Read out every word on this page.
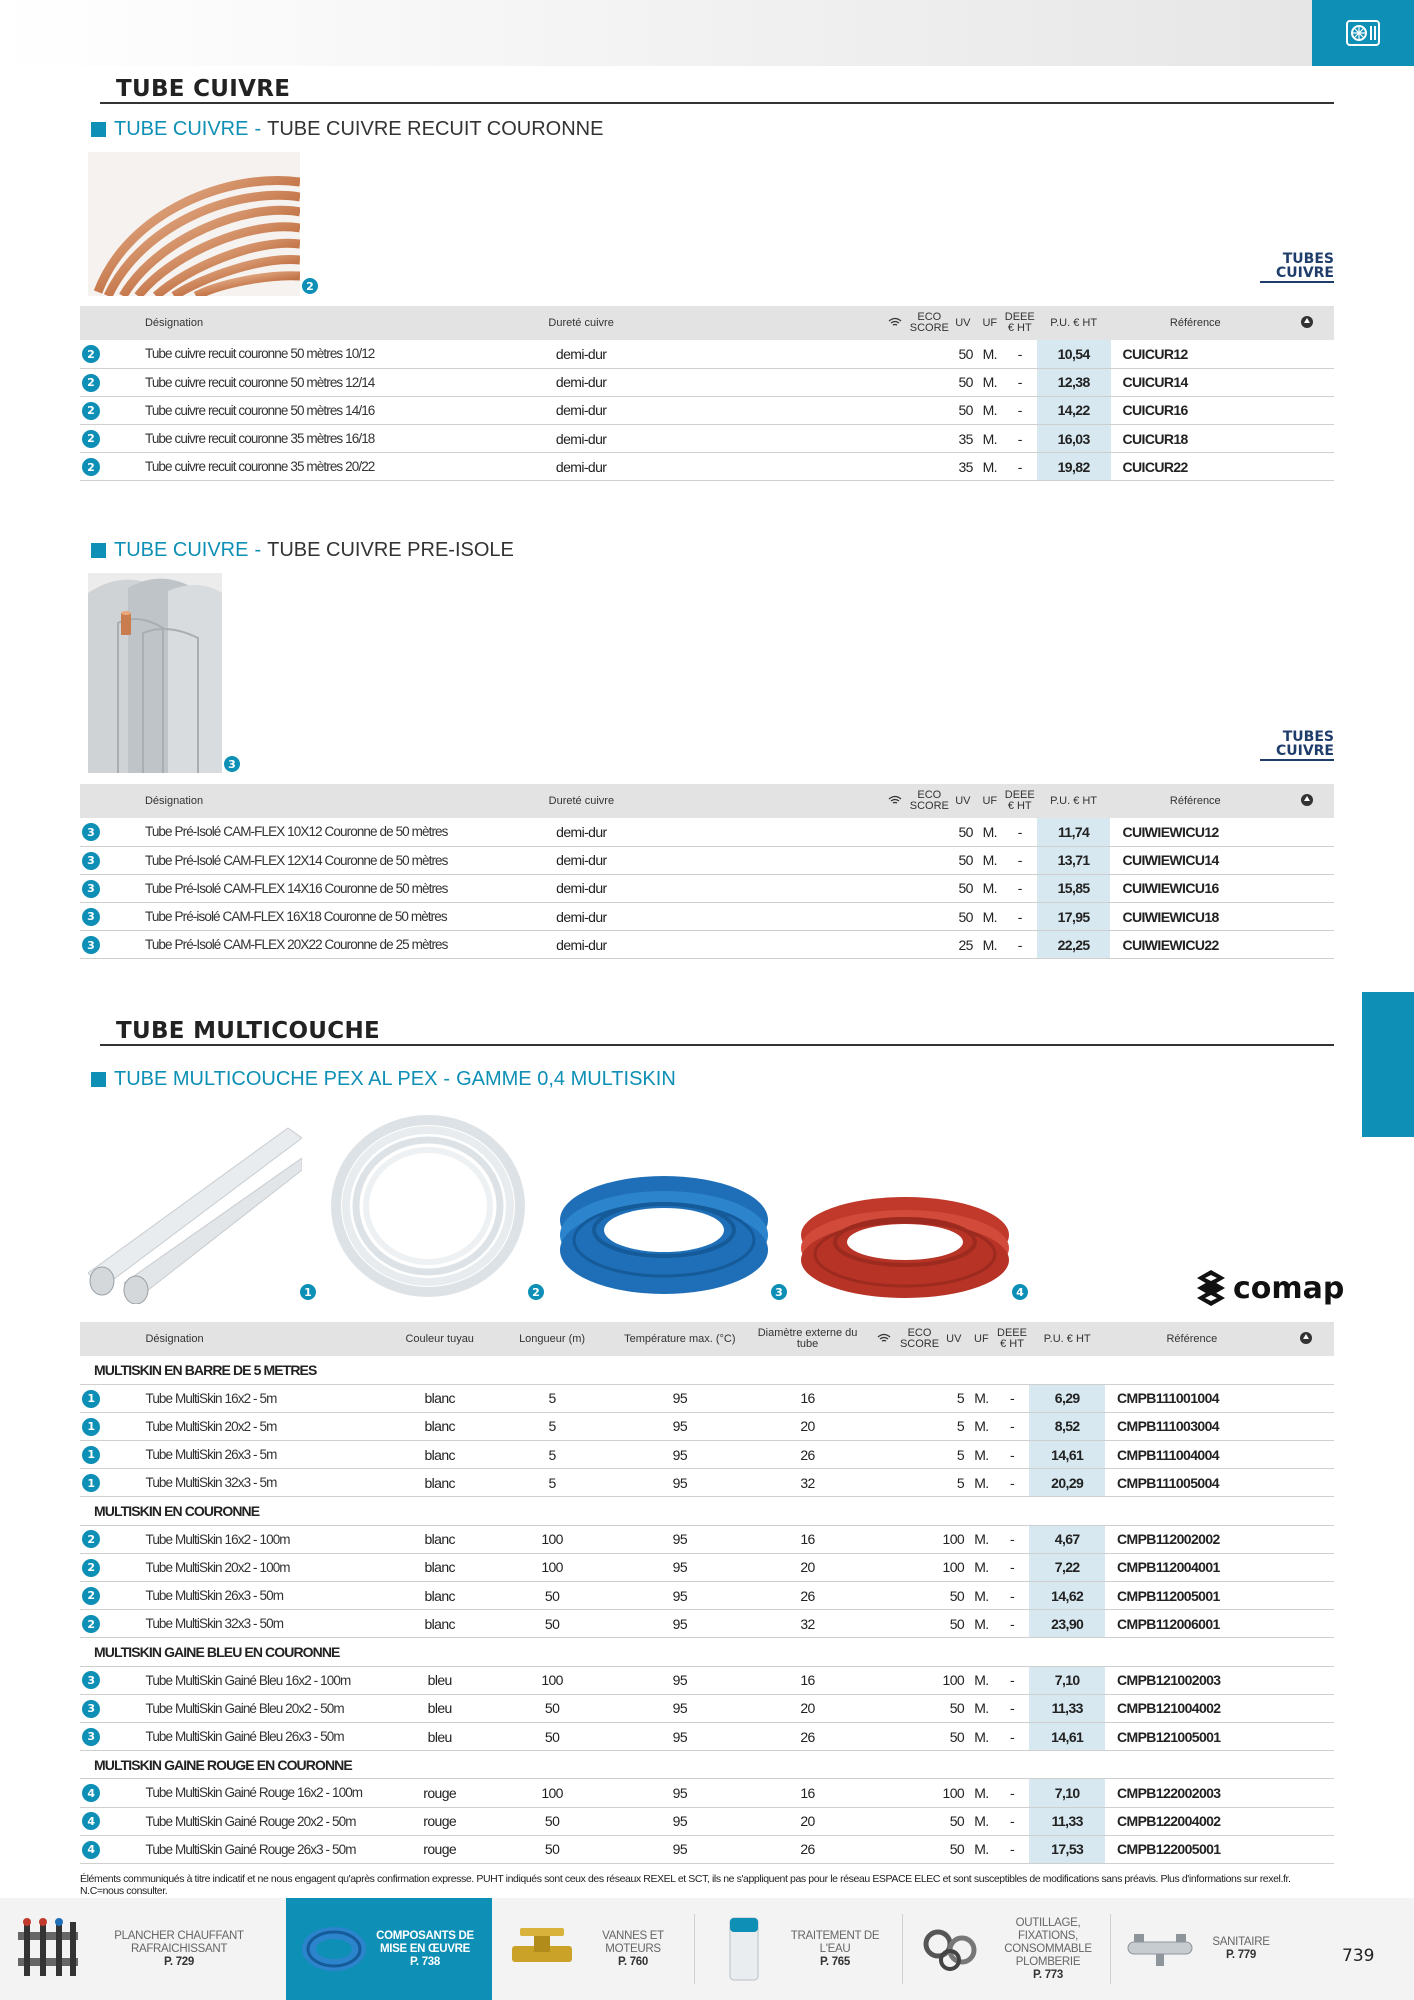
TUBE CUIVRE
TUBE CUIVRE - TUBE CUIVRE RECUIT COURONNE
2
TUBES
CUIVRE
	Désignation	Dureté cuivre			ECO SCORE	UV	UF	DEEE € HT	P.U. € HT	Référence	
2	Tube cuivre recuit couronne 50 mètres 10/12	demi-dur				50	M.	-	10,54	CUICUR12	
2	Tube cuivre recuit couronne 50 mètres 12/14	demi-dur				50	M.	-	12,38	CUICUR14	
2	Tube cuivre recuit couronne 50 mètres 14/16	demi-dur				50	M.	-	14,22	CUICUR16	
2	Tube cuivre recuit couronne 35 mètres 16/18	demi-dur				35	M.	-	16,03	CUICUR18	
2	Tube cuivre recuit couronne 35 mètres 20/22	demi-dur				35	M.	-	19,82	CUICUR22	
TUBE CUIVRE - TUBE CUIVRE PRE-ISOLE
3
TUBES
CUIVRE
	Désignation	Dureté cuivre			ECO SCORE	UV	UF	DEEE € HT	P.U. € HT	Référence	
3	Tube Pré-Isolé CAM-FLEX 10X12 Couronne de 50 mètres	demi-dur				50	M.	-	11,74	CUIWIEWICU12	
3	Tube Pré-Isolé CAM-FLEX 12X14 Couronne de 50 mètres	demi-dur				50	M.	-	13,71	CUIWIEWICU14	
3	Tube Pré-Isolé CAM-FLEX 14X16 Couronne de 50 mètres	demi-dur				50	M.	-	15,85	CUIWIEWICU16	
3	Tube Pré-isolé CAM-FLEX 16X18 Couronne de 50 mètres	demi-dur				50	M.	-	17,95	CUIWIEWICU18	
3	Tube Pré-Isolé CAM-FLEX 20X22 Couronne de 25 mètres	demi-dur				25	M.	-	22,25	CUIWIEWICU22	
TUBE MULTICOUCHE
TUBE MULTICOUCHE PEX AL PEX - GAMME 0,4 MULTISKIN
1	2	3	4	comap
	Désignation	Couleur tuyau	Longueur (m)	Température max. (°C)	Diamètre externe du tube		ECO SCORE	UV	UF	DEEE € HT	P.U. € HT	Référence	
MULTISKIN EN BARRE DE 5 METRES													
1	Tube MultiSkin 16x2 - 5m	blanc	5	95	16			5	M.	-	6,29	CMPB111001004	
1	Tube MultiSkin 20x2 - 5m	blanc	5	95	20			5	M.	-	8,52	CMPB111003004	
1	Tube MultiSkin 26x3 - 5m	blanc	5	95	26			5	M.	-	14,61	CMPB111004004	
1	Tube MultiSkin 32x3 - 5m	blanc	5	95	32			5	M.	-	20,29	CMPB111005004	
MULTISKIN EN COURONNE													
2	Tube MultiSkin 16x2 - 100m	blanc	100	95	16			100	M.	-	4,67	CMPB112002002	
2	Tube MultiSkin 20x2 - 100m	blanc	100	95	20			100	M.	-	7,22	CMPB112004001	
2	Tube MultiSkin 26x3 - 50m	blanc	50	95	26			50	M.	-	14,62	CMPB112005001	
2	Tube MultiSkin 32x3 - 50m	blanc	50	95	32			50	M.	-	23,90	CMPB112006001	
MULTISKIN GAINE BLEU EN COURONNE													
3	Tube MultiSkin Gainé Bleu 16x2 - 100m	bleu	100	95	16			100	M.	-	7,10	CMPB121002003	
3	Tube MultiSkin Gainé Bleu 20x2 - 50m	bleu	50	95	20			50	M.	-	11,33	CMPB121004002	
3	Tube MultiSkin Gainé Bleu 26x3 - 50m	bleu	50	95	26			50	M.	-	14,61	CMPB121005001	
MULTISKIN GAINE ROUGE EN COURONNE													
4	Tube MultiSkin Gainé Rouge 16x2 - 100m	rouge	100	95	16			100	M.	-	7,10	CMPB122002003	
4	Tube MultiSkin Gainé Rouge 20x2 - 50m	rouge	50	95	20			50	M.	-	11,33	CMPB122004002	
4	Tube MultiSkin Gainé Rouge 26x3 - 50m	rouge	50	95	26			50	M.	-	17,53	CMPB122005001	
Éléments communiqués à titre indicatif et ne nous engagent qu'après confirmation expresse. PUHT indiqués sont ceux des réseaux REXEL et SCT, ils ne s'appliquent pas pour le réseau ESPACE ELEC et sont susceptibles de modifications sans préavis. Plus d'informations sur rexel.fr. N.C=nous consulter.
PLANCHER CHAUFFANT RAFRAICHISSANT
P. 729
COMPOSANTS DE MISE EN ŒUVRE
P. 738
VANNES ET MOTEURS
P. 760
TRAITEMENT DE L'EAU
P. 765
OUTILLAGE, FIXATIONS, CONSOMMABLE PLOMBERIE
P. 773
SANITAIRE
P. 779	739
